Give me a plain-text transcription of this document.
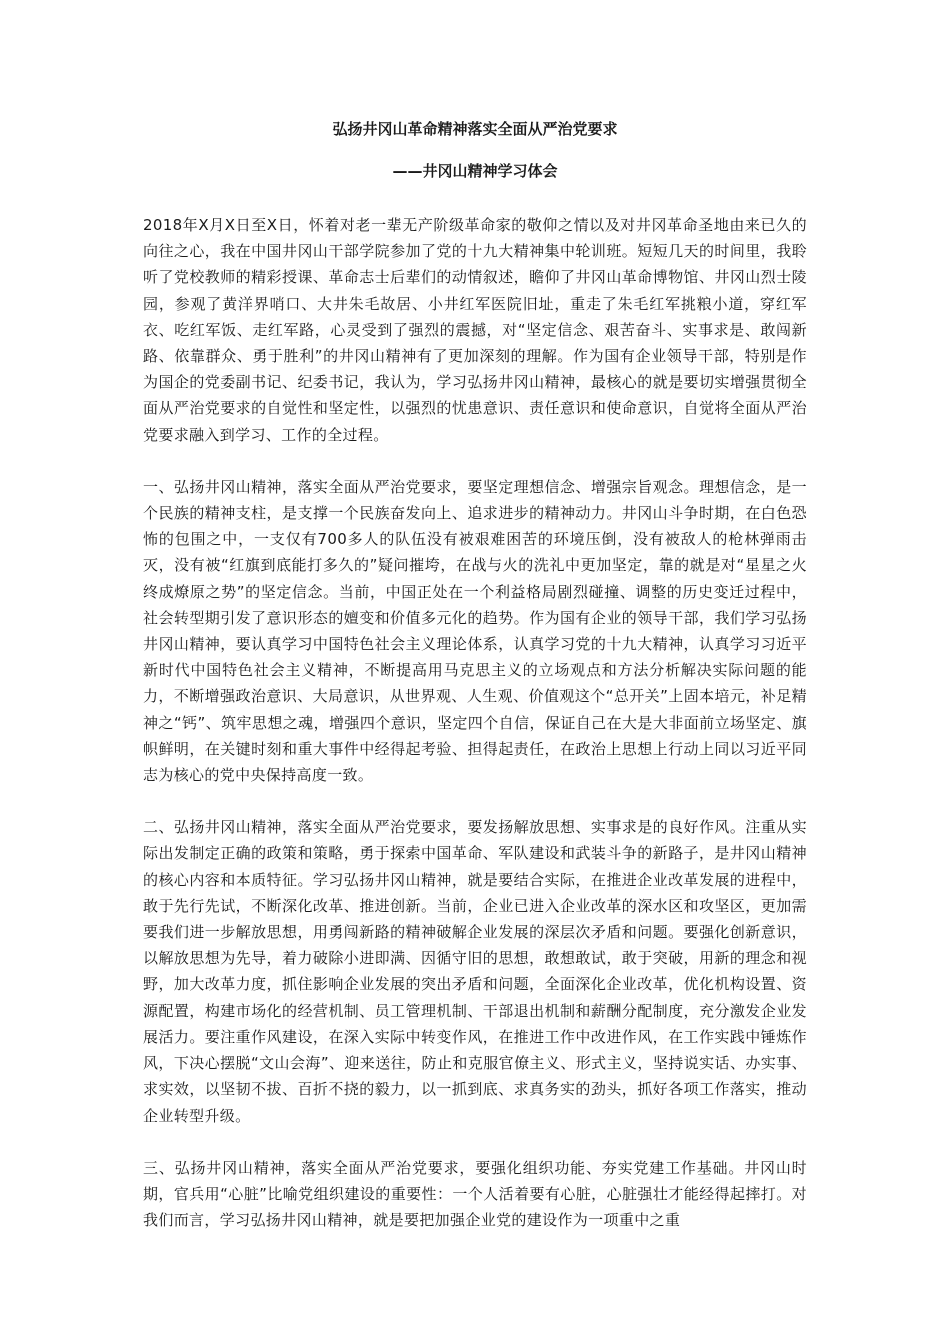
弘扬井冈山革命精神落实全面从严治党要求
——井冈山精神学习体会

2018年X月X日至X日，怀着对老一辈无产阶级革命家的敬仰之情以及对井冈革命圣地由来已久的向往之心，我在中国井冈山干部学院参加了党的十九大精神集中轮训班。短短几天的时间里，我聆听了党校教师的精彩授课、革命志士后辈们的动情叙述，瞻仰了井冈山革命博物馆、井冈山烈士陵园，参观了黄洋界哨口、大井朱毛故居、小井红军医院旧址，重走了朱毛红军挑粮小道，穿红军衣、吃红军饭、走红军路，心灵受到了强烈的震撼，对“坚定信念、艰苦奋斗、实事求是、敢闯新路、依靠群众、勇于胜利”的井冈山精神有了更加深刻的理解。作为国有企业领导干部，特别是作为国企的党委副书记、纪委书记，我认为，学习弘扬井冈山精神，最核心的就是要切实增强贯彻全面从严治党要求的自觉性和坚定性，以强烈的忧患意识、责任意识和使命意识，自觉将全面从严治党要求融入到学习、工作的全过程。

一、弘扬井冈山精神，落实全面从严治党要求，要坚定理想信念、增强宗旨观念。理想信念，是一个民族的精神支柱，是支撑一个民族奋发向上、追求进步的精神动力。井冈山斗争时期，在白色恐怖的包围之中，一支仅有700多人的队伍没有被艰难困苦的环境压倒，没有被敌人的枪林弹雨击灭，没有被“红旗到底能打多久的”疑问摧垮，在战与火的洗礼中更加坚定，靠的就是对“星星之火终成燎原之势”的坚定信念。当前，中国正处在一个利益格局剧烈碰撞、调整的历史变迁过程中，社会转型期引发了意识形态的嬗变和价值多元化的趋势。作为国有企业的领导干部，我们学习弘扬井冈山精神，要认真学习中国特色社会主义理论体系，认真学习党的十九大精神，认真学习习近平新时代中国特色社会主义精神，不断提高用马克思主义的立场观点和方法分析解决实际问题的能力，不断增强政治意识、大局意识，从世界观、人生观、价值观这个“总开关”上固本培元，补足精神之“钙”、筑牢思想之魂，增强四个意识，坚定四个自信，保证自己在大是大非面前立场坚定、旗帜鲜明，在关键时刻和重大事件中经得起考验、担得起责任，在政治上思想上行动上同以习近平同志为核心的党中央保持高度一致。

二、弘扬井冈山精神，落实全面从严治党要求，要发扬解放思想、实事求是的良好作风。注重从实际出发制定正确的政策和策略，勇于探索中国革命、军队建设和武装斗争的新路子，是井冈山精神的核心内容和本质特征。学习弘扬井冈山精神，就是要结合实际，在推进企业改革发展的进程中，敢于先行先试，不断深化改革、推进创新。当前，企业已进入企业改革的深水区和攻坚区，更加需要我们进一步解放思想，用勇闯新路的精神破解企业发展的深层次矛盾和问题。要强化创新意识，以解放思想为先导，着力破除小进即满、因循守旧的思想，敢想敢试，敢于突破，用新的理念和视野，加大改革力度，抓住影响企业发展的突出矛盾和问题，全面深化企业改革，优化机构设置、资源配置，构建市场化的经营机制、员工管理机制、干部退出机制和薪酬分配制度，充分激发企业发展活力。要注重作风建设，在深入实际中转变作风，在推进工作中改进作风，在工作实践中锤炼作风，下决心摆脱“文山会海”、迎来送往，防止和克服官僚主义、形式主义，坚持说实话、办实事、求实效，以坚韧不拔、百折不挠的毅力，以一抓到底、求真务实的劲头，抓好各项工作落实，推动企业转型升级。

三、弘扬井冈山精神，落实全面从严治党要求，要强化组织功能、夯实党建工作基础。井冈山时期，官兵用“心脏”比喻党组织建设的重要性：一个人活着要有心脏，心脏强壮才能经得起摔打。对我们而言，学习弘扬井冈山精神，就是要把加强企业党的建设作为一项重中之重
